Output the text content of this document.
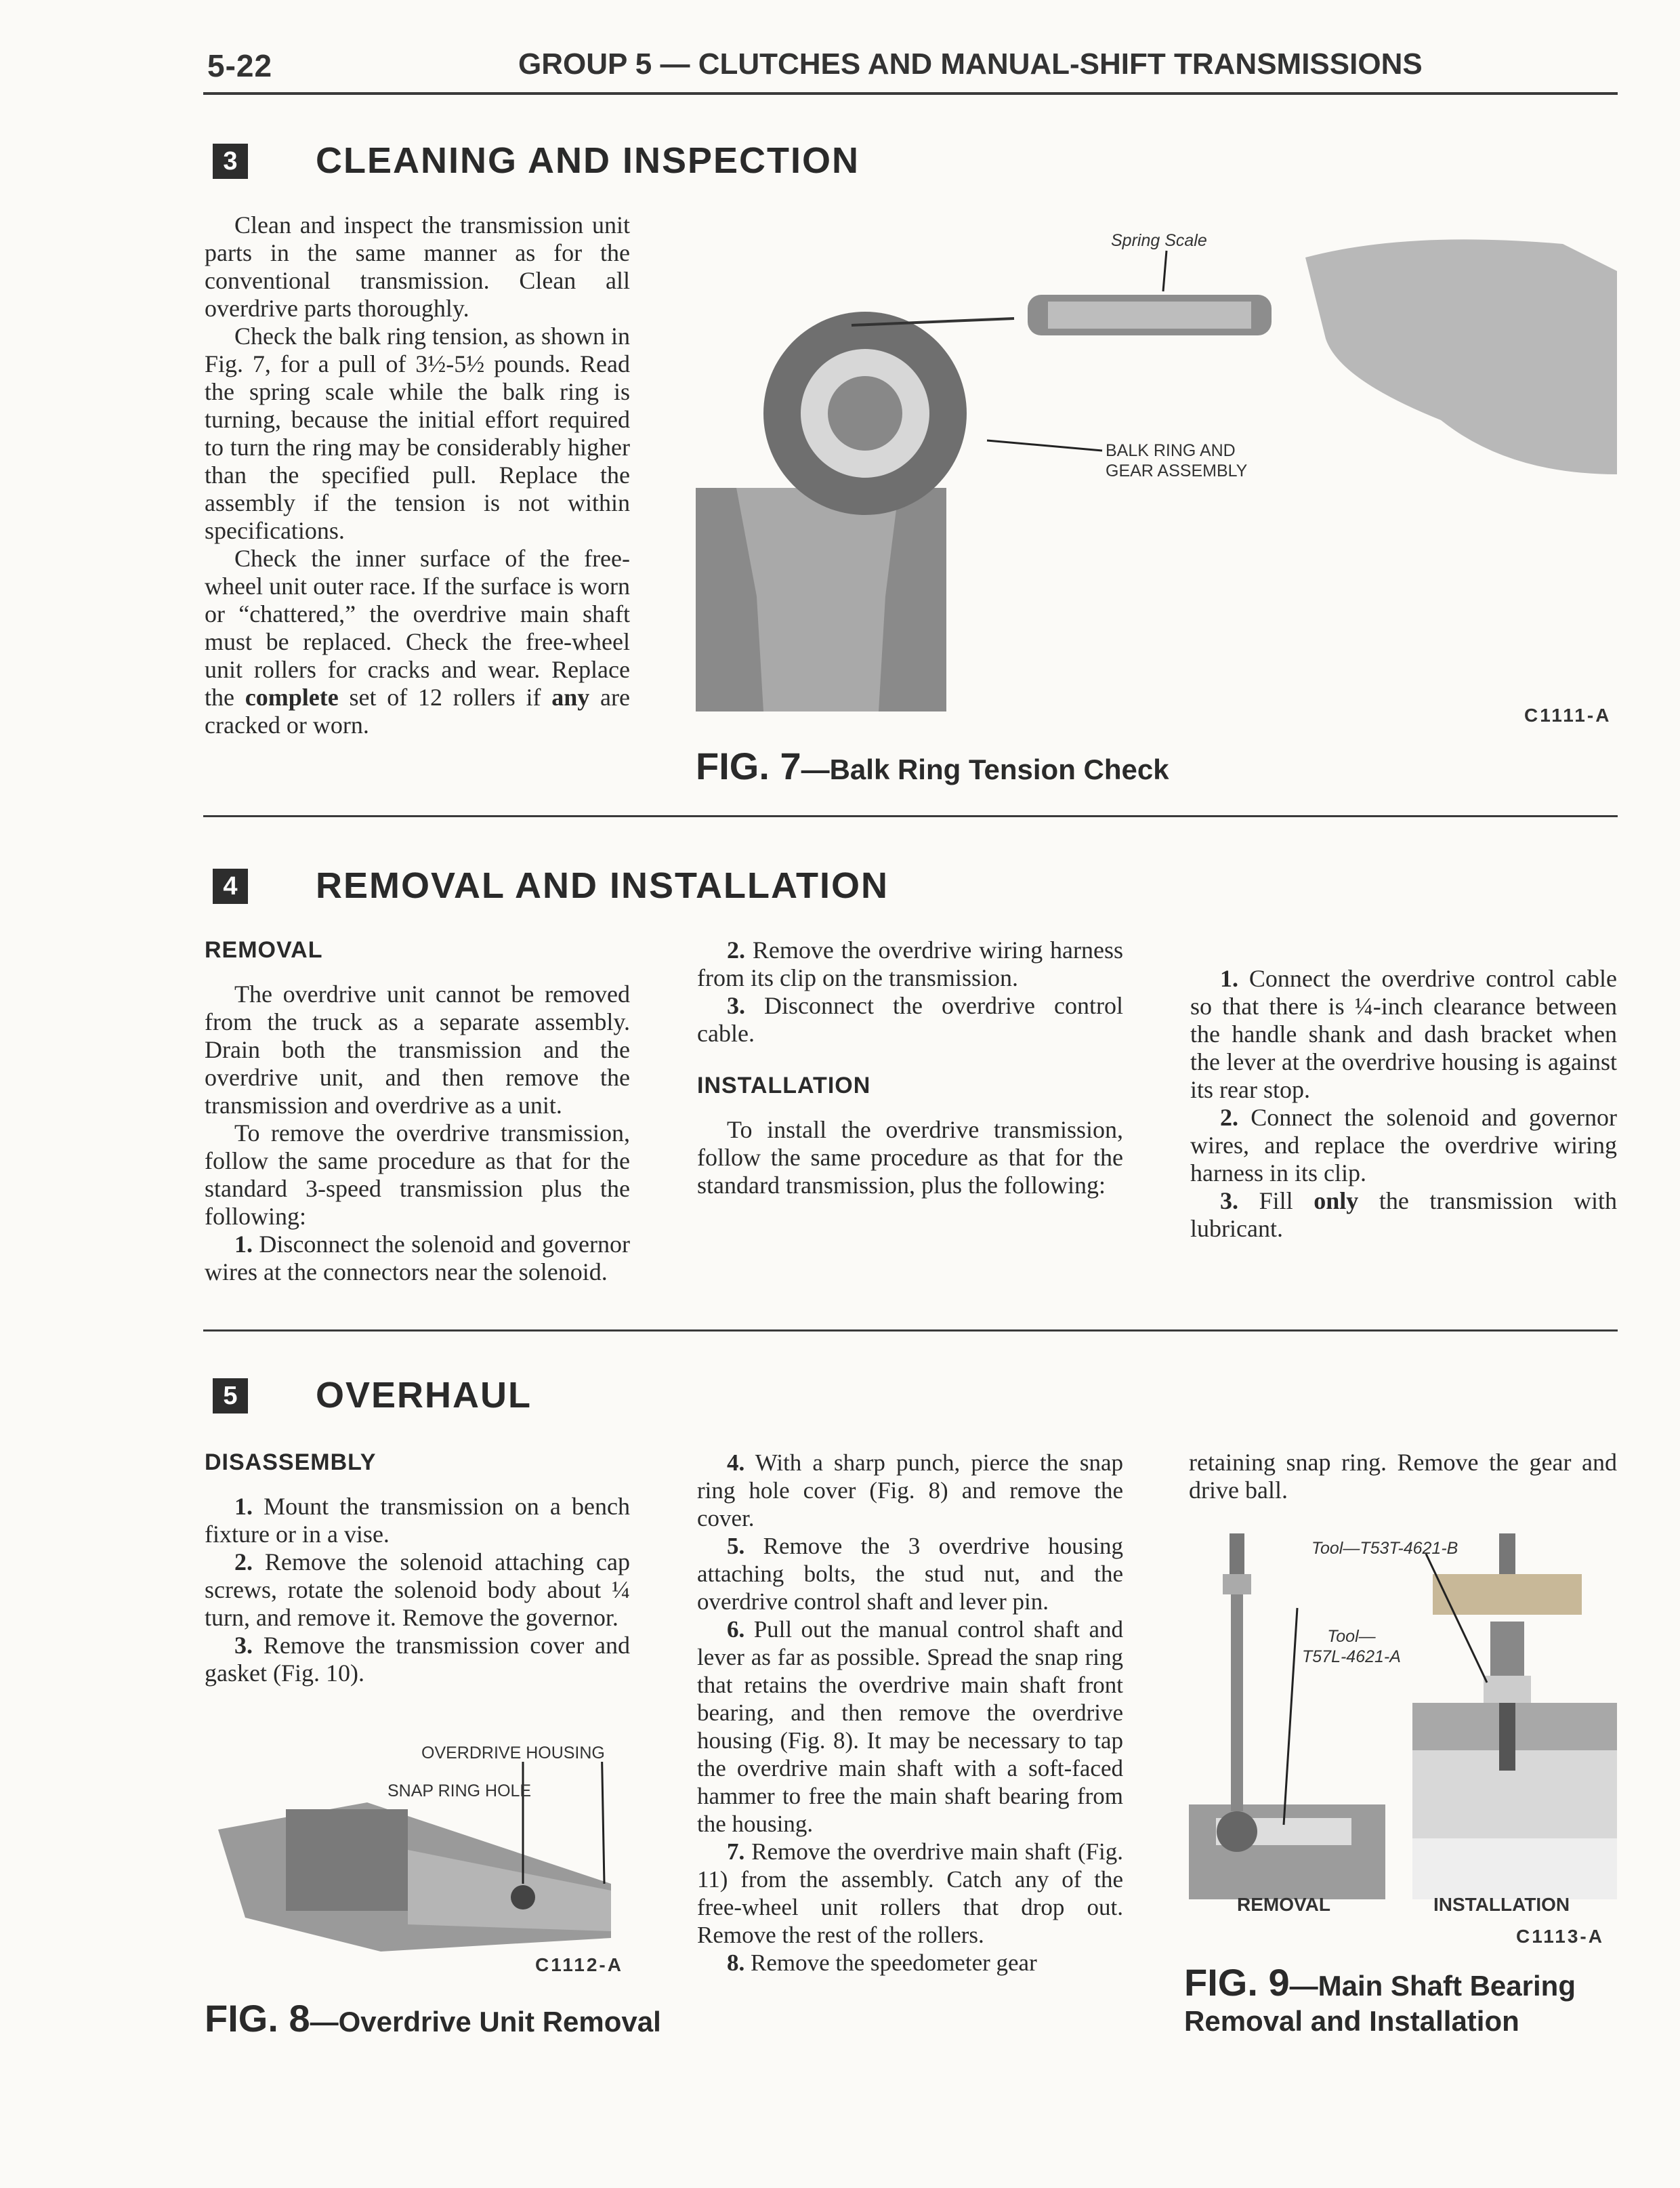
5-22	GROUP 5 — CLUTCHES AND MANUAL-SHIFT TRANSMISSIONS
3 CLEANING AND INSPECTION

Clean and inspect the transmission unit parts in the same manner as for the conventional transmission. Clean all overdrive parts thoroughly.

Check the balk ring tension, as shown in Fig. 7, for a pull of 3½-5½ pounds. Read the spring scale while the balk ring is turning, because the initial effort required to turn the ring may be considerably higher than the specified pull. Replace the assembly if the tension is not within specifications.

Check the inner surface of the free-wheel unit outer race. If the surface is worn or “chattered,” the overdrive main shaft must be replaced. Check the free-wheel unit rollers for cracks and wear. Replace the complete set of 12 rollers if any are cracked or worn.

Spring Scale
BALK RING AND
GEAR ASSEMBLY
C1111-A
FIG. 7—Balk Ring Tension Check
4 REMOVAL AND INSTALLATION
REMOVAL

The overdrive unit cannot be removed from the truck as a separate assembly. Drain both the transmission and the overdrive unit, and then remove the transmission and overdrive as a unit.

To remove the overdrive transmission, follow the same procedure as that for the standard 3-speed transmission plus the following:

1. Disconnect the solenoid and governor wires at the connectors near the solenoid.

2. Remove the overdrive wiring harness from its clip on the transmission.

3. Disconnect the overdrive control cable.

INSTALLATION

To install the overdrive transmission, follow the same procedure as that for the standard transmission, plus the following:

1. Connect the overdrive control cable so that there is ¼-inch clearance between the handle shank and dash bracket when the lever at the overdrive housing is against its rear stop.

2. Connect the solenoid and governor wires, and replace the overdrive wiring harness in its clip.

3. Fill only the transmission with lubricant.

5 OVERHAUL
DISASSEMBLY

1. Mount the transmission on a bench fixture or in a vise.

2. Remove the solenoid attaching cap screws, rotate the solenoid body about ¼ turn, and remove it. Remove the governor.

3. Remove the transmission cover and gasket (Fig. 10).

OVERDRIVE HOUSING
SNAP RING HOLE
C1112-A
FIG. 8—Overdrive Unit Removal

4. With a sharp punch, pierce the snap ring hole cover (Fig. 8) and remove the cover.

5. Remove the 3 overdrive housing attaching bolts, the stud nut, and the overdrive control shaft and lever pin.

6. Pull out the manual control shaft and lever as far as possible. Spread the snap ring that retains the overdrive main shaft front bearing, and then remove the overdrive housing (Fig. 8). It may be necessary to tap the overdrive main shaft with a soft-faced hammer to free the main shaft bearing from the housing.

7. Remove the overdrive main shaft (Fig. 11) from the assembly. Catch any of the free-wheel unit rollers that drop out. Remove the rest of the rollers.

8. Remove the speedometer gear

retaining snap ring. Remove the gear and drive ball.

Tool—T53T-4621-B
Tool—
T57L-4621-A
REMOVAL	INSTALLATION
C1113-A
FIG. 9—Main Shaft Bearing
Removal and Installation
